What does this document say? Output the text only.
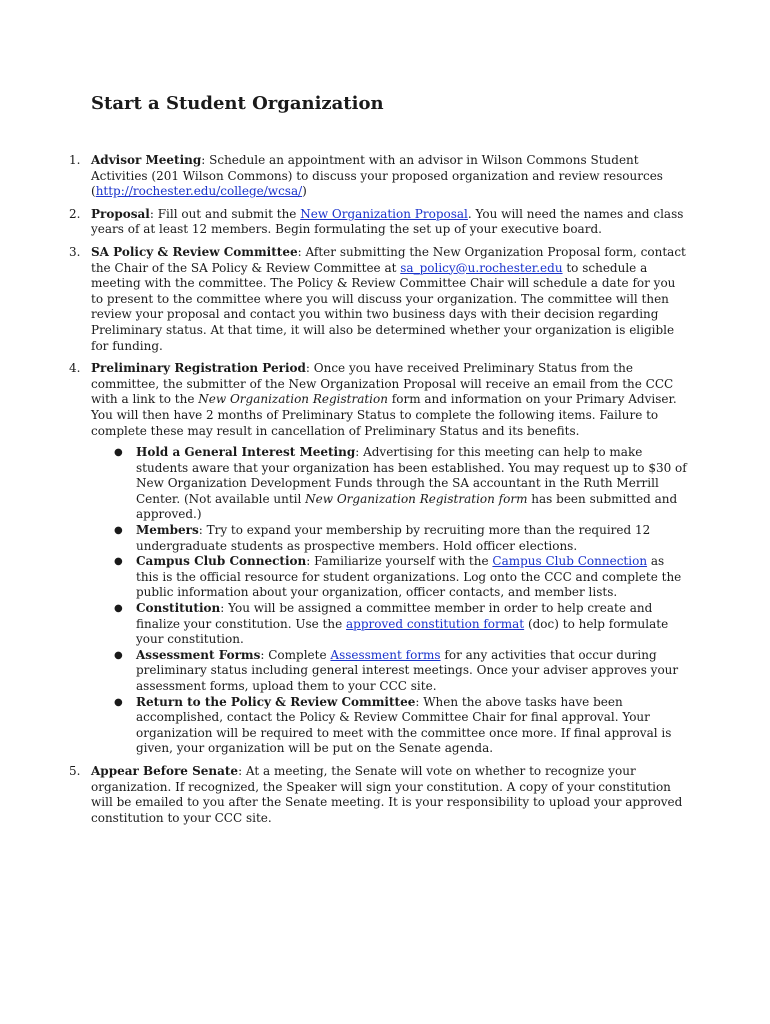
Start a Student Organization
1. Advisor Meeting: Schedule an appointment with an advisor in Wilson Commons Student Activities (201 Wilson Commons) to discuss your proposed organization and review resources (http://rochester.edu/college/wcsa/)
2. Proposal: Fill out and submit the New Organization Proposal. You will need the names and class years of at least 12 members. Begin formulating the set up of your executive board.
3. SA Policy & Review Committee: After submitting the New Organization Proposal form, contact the Chair of the SA Policy & Review Committee at sa_policy@u.rochester.edu to schedule a meeting with the committee. The Policy & Review Committee Chair will schedule a date for you to present to the committee where you will discuss your organization. The committee will then review your proposal and contact you within two business days with their decision regarding Preliminary status. At that time, it will also be determined whether your organization is eligible for funding.
4. Preliminary Registration Period: Once you have received Preliminary Status from the committee, the submitter of the New Organization Proposal will receive an email from the CCC with a link to the New Organization Registration form and information on your Primary Adviser. You will then have 2 months of Preliminary Status to complete the following items. Failure to complete these may result in cancellation of Preliminary Status and its benefits.
● Hold a General Interest Meeting: Advertising for this meeting can help to make students aware that your organization has been established. You may request up to $30 of New Organization Development Funds through the SA accountant in the Ruth Merrill Center. (Not available until New Organization Registration form has been submitted and approved.)
● Members: Try to expand your membership by recruiting more than the required 12 undergraduate students as prospective members. Hold officer elections.
● Campus Club Connection: Familiarize yourself with the Campus Club Connection as this is the official resource for student organizations. Log onto the CCC and complete the public information about your organization, officer contacts, and member lists.
● Constitution: You will be assigned a committee member in order to help create and finalize your constitution. Use the approved constitution format (doc) to help formulate your constitution.
● Assessment Forms: Complete Assessment forms for any activities that occur during preliminary status including general interest meetings. Once your adviser approves your assessment forms, upload them to your CCC site.
● Return to the Policy & Review Committee: When the above tasks have been accomplished, contact the Policy & Review Committee Chair for final approval. Your organization will be required to meet with the committee once more. If final approval is given, your organization will be put on the Senate agenda.
5. Appear Before Senate: At a meeting, the Senate will vote on whether to recognize your organization. If recognized, the Speaker will sign your constitution. A copy of your constitution will be emailed to you after the Senate meeting. It is your responsibility to upload your approved constitution to your CCC site.
